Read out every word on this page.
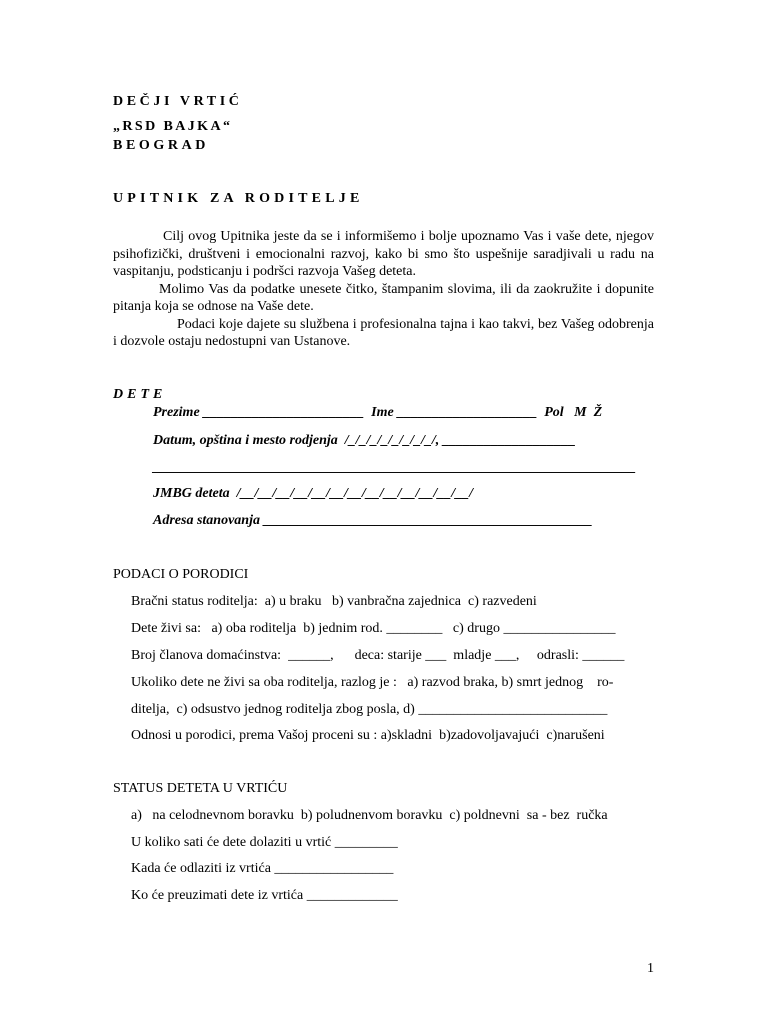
DEČJI VRTIĆ
„RSD BAJKA“
BEOGRAD
UPITNIK ZA RODITELJE

Cilj ovog Upitnika jeste da se i informišemo i bolje upoznamo Vas i vaše dete, njegov psihofizički, društveni i emocionalni razvoj, kako bi smo što uspešnije saradjivali u radu na vaspitanju, podsticanju i podršci razvoja Vašeg deteta.

Molimo Vas da podatke unesete čitko, štampanim slovima, ili da zaokružite i dopunite pitanja koja se odnose na Vaše dete.

Podaci koje dajete su službena i profesionalna tajna i kao takvi, bez Vašeg odobrenja i dozvole ostaju nedostupni van Ustanove.

DETE
Prezime _______________________  Ime ____________________  Pol   M  Ž
Datum, opština i mesto rodjenja  /_/_/_/_/_/_/_/_/, ___________________
_____________________________________________________________________
JMBG deteta  /__/__/__/__/__/__/__/__/__/__/__/__/__/
Adresa stanovanja _______________________________________________
PODACI O PORODICI
Bračni status roditelja:  a) u braku   b) vanbračna zajednica  c) razvedeni
Dete živi sa:   a) oba roditelja  b) jednim rod. ________   c) drugo ________________
Broj članova domaćinstva:  ______,      deca: starije ___  mladje ___,     odrasli: ______
Ukoliko dete ne živi sa oba roditelja, razlog je :   a) razvod braka, b) smrt jednog    ro-
ditelja,  c) odsustvo jednog roditelja zbog posla, d) ___________________________
Odnosi u porodici, prema Vašoj proceni su : a)skladni  b)zadovoljavajući  c)narušeni
STATUS DETETA U VRTIĆU
a)   na celodnevnom boravku  b) poludnenvom boravku  c) poldnevni  sa - bez  ručka
U koliko sati će dete dolaziti u vrtić _________
Kada će odlaziti iz vrtića _________________
Ko će preuzimati dete iz vrtića _____________
1
